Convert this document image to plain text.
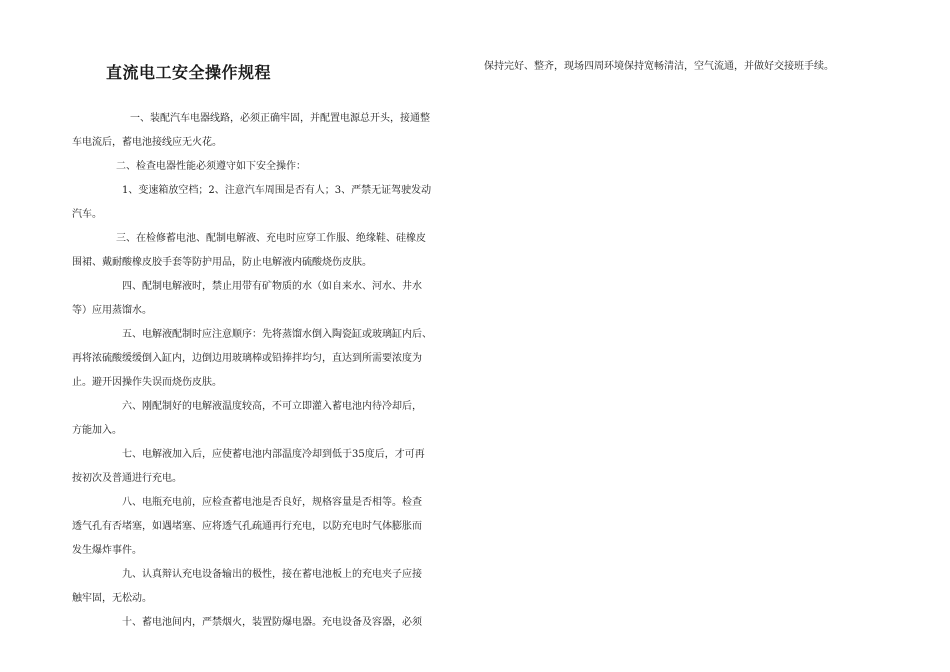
直流电工安全操作规程	保持完好、整齐，现场四周环境保持宽畅清洁，空气流通，并做好交接班手续。
一、装配汽车电器线路，必须正确牢固，并配置电源总开头，接通整
车电流后，蓄电池接线应无火花。
二、检查电器性能必须遵守如下安全操作：
1、变速箱放空档；2、注意汽车周围是否有人；3、严禁无证驾驶发动
汽车。
三、在检修蓄电池、配制电解液、充电时应穿工作服、绝缘鞋、硅橡皮
围裙、戴耐酸橡皮胶手套等防护用品，防止电解液内硫酸烧伤皮肤。
四、配制电解液时，禁止用带有矿物质的水（如自来水、河水、井水
等）应用蒸馏水。
五、电解液配制时应注意顺序：先将蒸馏水倒入陶瓷缸或玻璃缸内后、
再将浓硫酸缓缓倒入缸内，边倒边用玻璃棒或铅捧拌均匀，直达到所需要浓度为
止。避开因操作失误而烧伤皮肤。
六、刚配制好的电解液温度较高，不可立即灌入蓄电池内待冷却后，
方能加入。
七、电解液加入后，应使蓄电池内部温度冷却到低于35度后，才可再
按初次及普通进行充电。
八、电瓶充电前，应检查蓄电池是否良好，规格容量是否相等。检查
透气孔有否堵塞，如遇堵塞、应将透气孔疏通再行充电，以防充电时气体膨胀而
发生爆炸事件。
九、认真辩认充电设备输出的极性，接在蓄电池板上的充电夹子应接
触牢固，无松动。
十、蓄电池间内，严禁烟火，装置防爆电器。充电设备及容器，必须
